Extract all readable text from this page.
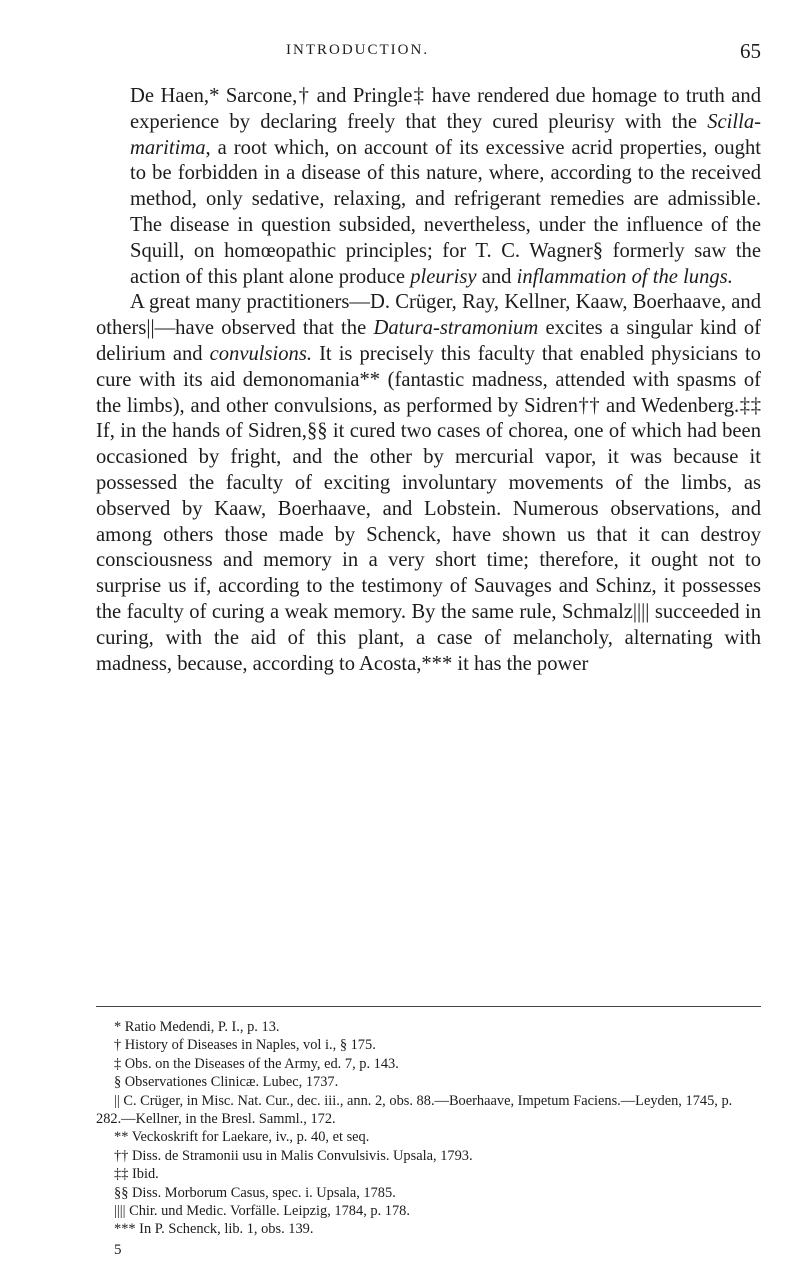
INTRODUCTION.	65

De Haen,* Sarcone,† and Pringle‡ have rendered due homage to truth and experience by declaring freely that they cured pleurisy with the Scilla-maritima, a root which, on account of its excessive acrid properties, ought to be forbidden in a disease of this nature, where, according to the received method, only sedative, relaxing, and refrigerant remedies are admissible. The disease in question subsided, nevertheless, under the influence of the Squill, on homœopathic principles; for T. C. Wagner§ formerly saw the action of this plant alone produce pleurisy and inflammation of the lungs.

A great many practitioners—D. Crüger, Ray, Kellner, Kaaw, Boerhaave, and others||—have observed that the Datura-stramonium excites a singular kind of delirium and convulsions. It is precisely this faculty that enabled physicians to cure with its aid demonomania** (fantastic madness, attended with spasms of the limbs), and other convulsions, as performed by Sidren†† and Wedenberg.‡‡ If, in the hands of Sidren,§§ it cured two cases of chorea, one of which had been occasioned by fright, and the other by mercurial vapor, it was because it possessed the faculty of exciting involuntary movements of the limbs, as observed by Kaaw, Boerhaave, and Lobstein. Numerous observations, and among others those made by Schenck, have shown us that it can destroy consciousness and memory in a very short time; therefore, it ought not to surprise us if, according to the testimony of Sauvages and Schinz, it possesses the faculty of curing a weak memory. By the same rule, Schmalz|||| succeeded in curing, with the aid of this plant, a case of melancholy, alternating with madness, because, according to Acosta,*** it has the power

* Ratio Medendi, P. I., p. 13.

† History of Diseases in Naples, vol i., § 175.

‡ Obs. on the Diseases of the Army, ed. 7, p. 143.

§ Observationes Clinicæ. Lubec, 1737.

|| C. Crüger, in Misc. Nat. Cur., dec. iii., ann. 2, obs. 88.—Boerhaave, Impetum Faciens.—Leyden, 1745, p. 282.—Kellner, in the Bresl. Samml., 172.

** Veckoskrift for Laekare, iv., p. 40, et seq.

†† Diss. de Stramonii usu in Malis Convulsivis. Upsala, 1793.

‡‡ Ibid.

§§ Diss. Morborum Casus, spec. i. Upsala, 1785.

|||| Chir. und Medic. Vorfälle. Leipzig, 1784, p. 178.

*** In P. Schenck, lib. 1, obs. 139.

5
